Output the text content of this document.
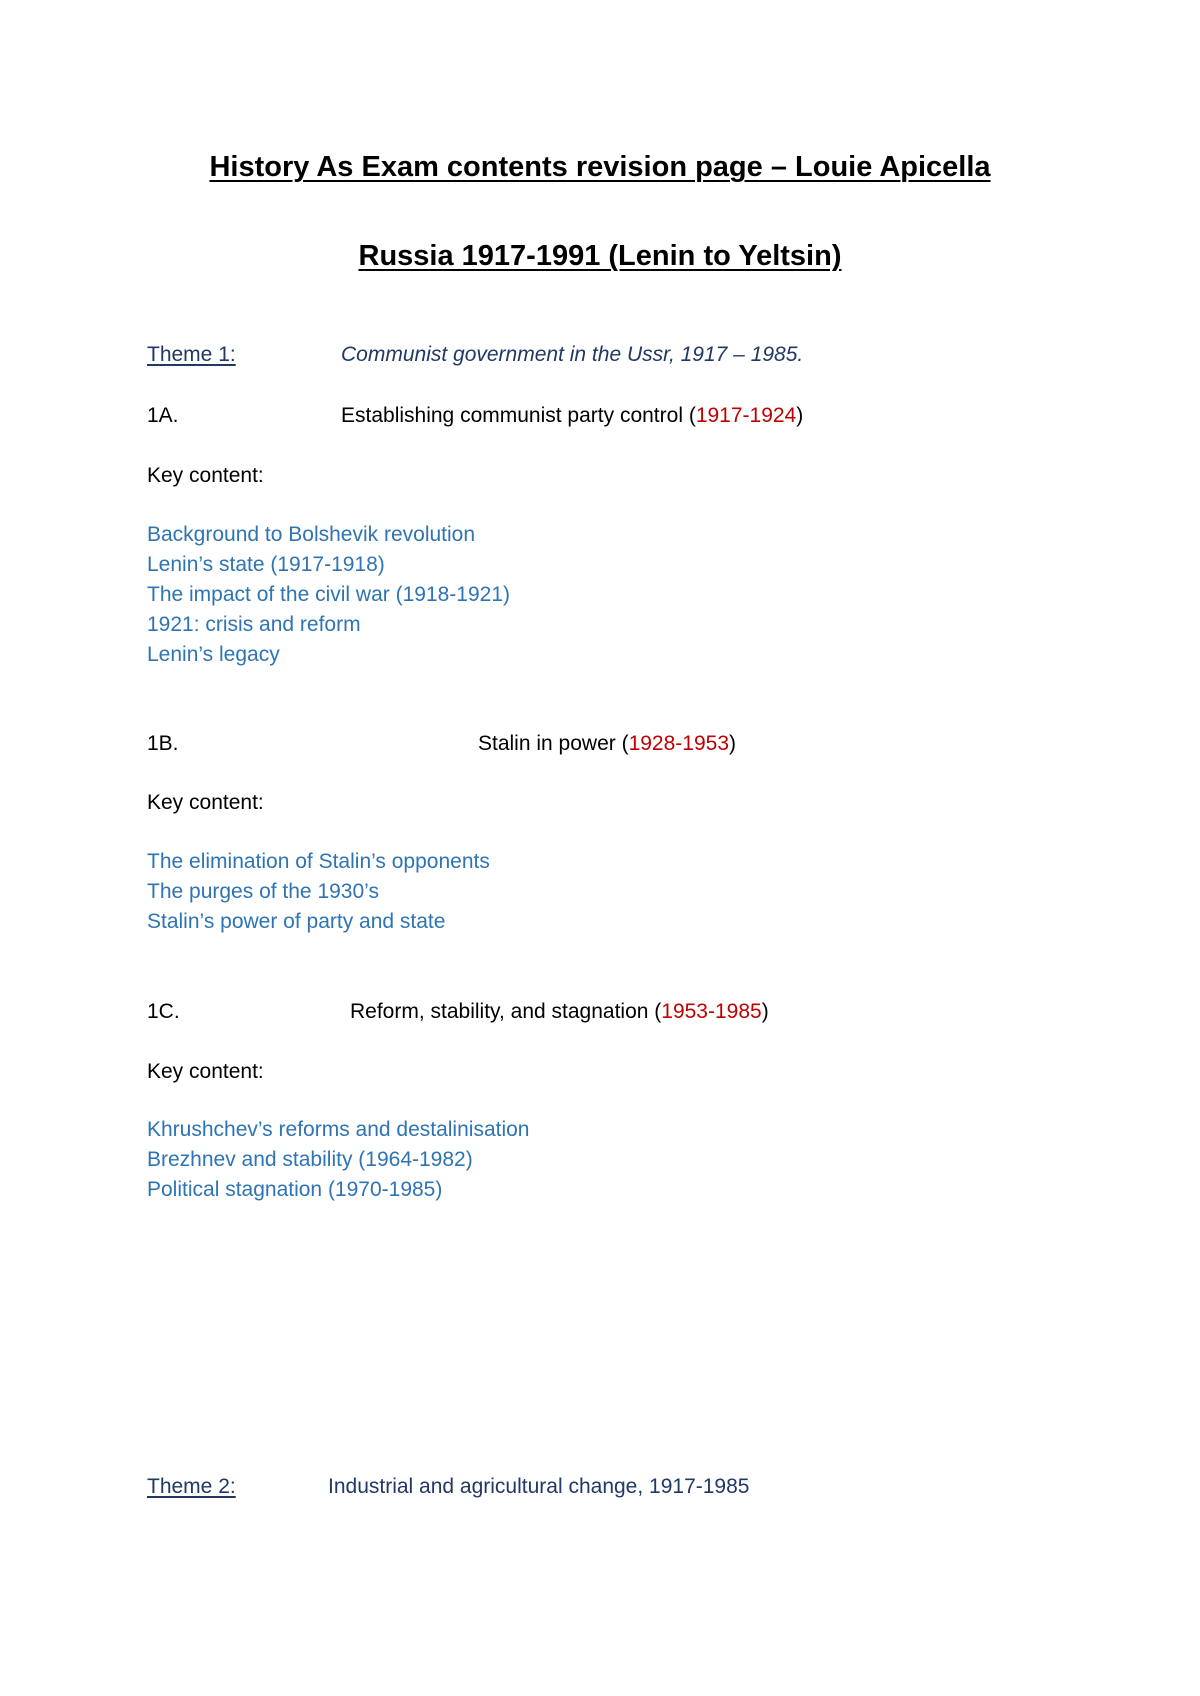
History As Exam contents revision page – Louie Apicella
Russia 1917-1991 (Lenin to Yeltsin)
Theme 1:	Communist government in the Ussr, 1917 – 1985.
1A.	Establishing communist party control (1917-1924)
Key content:
Background to Bolshevik revolution
Lenin’s state (1917-1918)
The impact of the civil war (1918-1921)
1921: crisis and reform
Lenin’s legacy
1B.	Stalin in power (1928-1953)
Key content:
The elimination of Stalin’s opponents
The purges of the 1930’s
Stalin’s power of party and state
1C.	Reform, stability, and stagnation (1953-1985)
Key content:
Khrushchev’s reforms and destalinisation
Brezhnev and stability (1964-1982)
Political stagnation (1970-1985)
Theme 2:	Industrial and agricultural change, 1917-1985
